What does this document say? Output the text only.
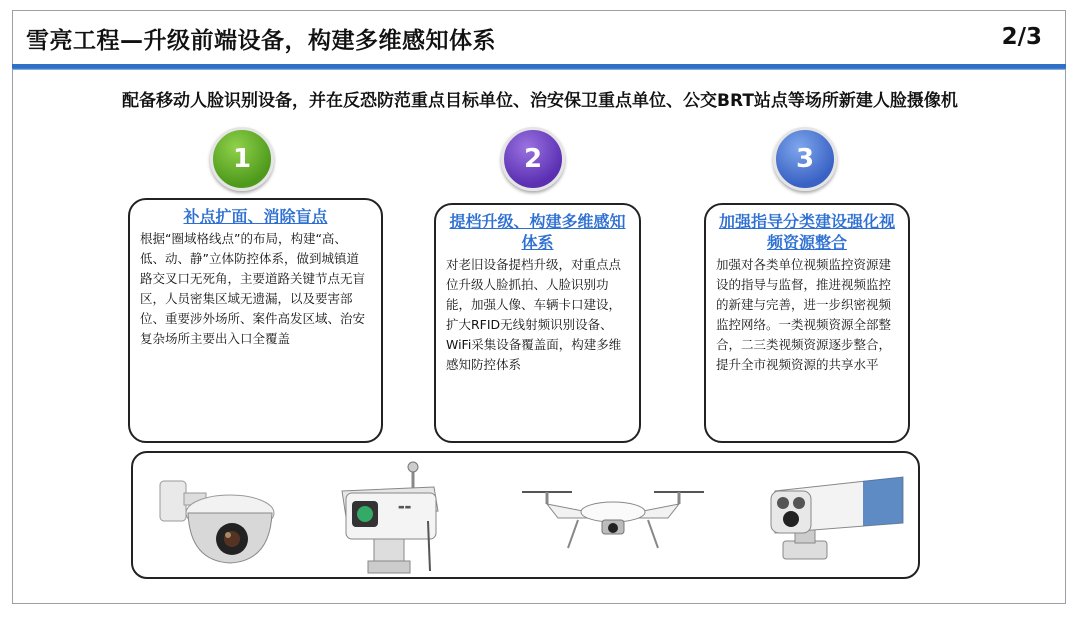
雪亮工程—升级前端设备，构建多维感知体系	2/3
配备移动人脸识别设备，并在反恐防范重点目标单位、治安保卫重点单位、公交BRT站点等场所新建人脸摄像机
1	2	3
补点扩面、消除盲点
根据“圈域格线点”的布局，构建“高、低、动、静”立体防控体系，做到城镇道路交叉口无死角，主要道路关键节点无盲区，人员密集区域无遗漏，以及要害部位、重要涉外场所、案件高发区域、治安复杂场所主要出入口全覆盖
提档升级、构建多维感知体系
对老旧设备提档升级，对重点点位升级人脸抓拍、人脸识别功能，加强人像、车辆卡口建设，扩大RFID无线射频识别设备、WiFi采集设备覆盖面，构建多维感知防控体系
加强指导分类建设强化视频资源整合
加强对各类单位视频监控资源建设的指导与监督，推进视频监控的新建与完善，进一步织密视频监控网络。一类视频资源全部整合，二三类视频资源逐步整合，提升全市视频资源的共享水平
▬▬
